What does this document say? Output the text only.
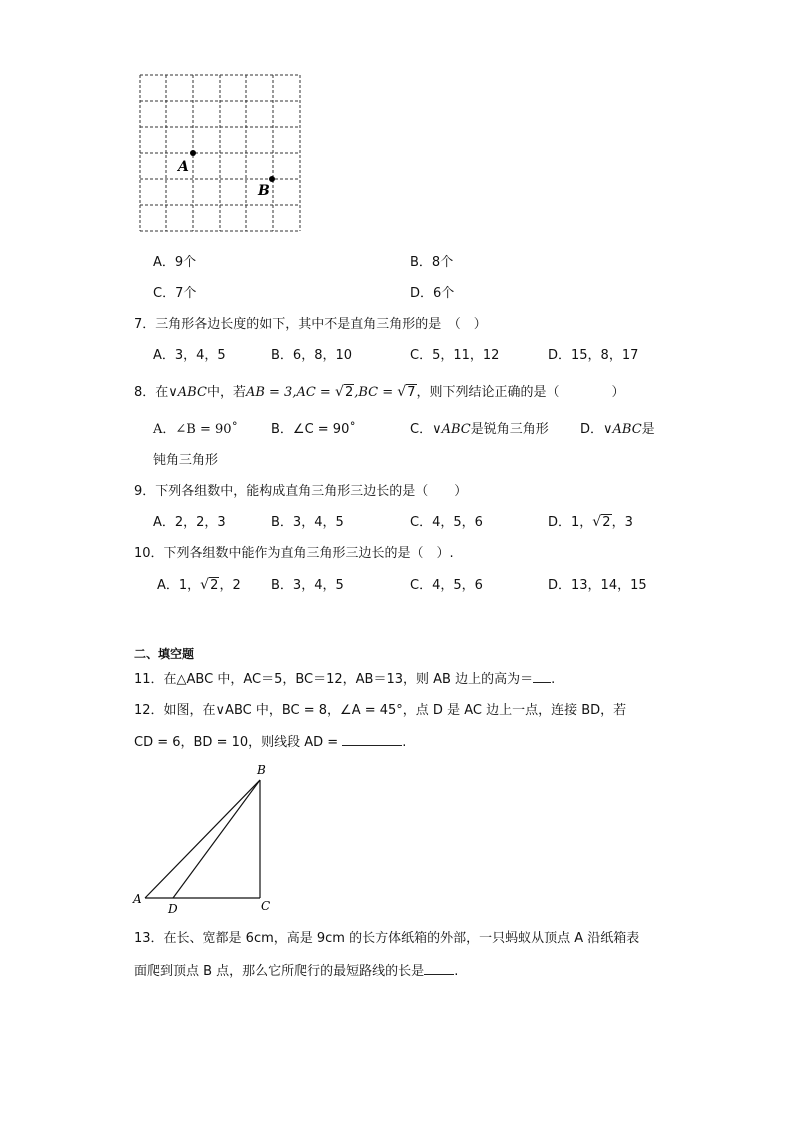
A
B
A．9个	B．8个
C．7个	D．6个
7．三角形各边长度的如下，其中不是直角三角形的是　（　）
A．3，4，5	B．6，8，10	C．5，11，12	D．15，8，17
8．在∨ABC中，若AB = 3,AC = √ 2,BC = √ 7，则下列结论正确的是（　　　　）
A．∠B = 90˚	B．∠C = 90˚	C．∨ABC是锐角三角形 D．∨ABC是
钝角三角形
9．下列各组数中，能构成直角三角形三边长的是（　　）
A．2，2，3	B．3，4，5	C．4，5，6	D．1， √ 2，3
10．下列各组数中能作为直角三角形三边长的是（　）.
A．1， √ 2，2 B．3，4，5	C．4，5，6	D．13，14，15
二、填空题
11．在△ABC 中，AC＝5，BC＝12，AB＝13，则 AB 边上的高为＝ .
12．如图，在∨ABC 中，BC = 8，∠A = 45°，点 D 是 AC 边上一点，连接 BD，若
CD = 6，BD = 10，则线段 AD =	.
B
A
D	C
13．在长、宽都是 6cm，高是 9cm 的长方体纸箱的外部，一只蚂蚁从顶点 A 沿纸箱表
面爬到顶点 B 点，那么它所爬行的最短路线的长是 .
